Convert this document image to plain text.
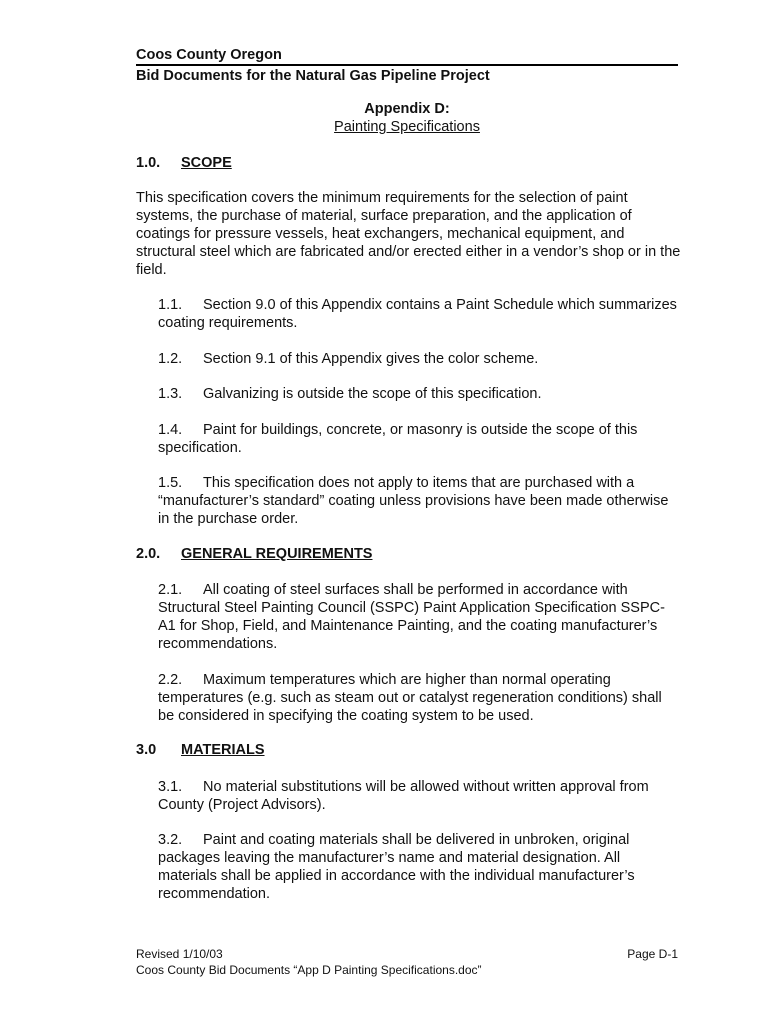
Coos County Oregon
Bid Documents for the Natural Gas Pipeline Project
Appendix D:
Painting Specifications
1.0. SCOPE
This specification covers the minimum requirements for the selection of paint systems, the purchase of material, surface preparation, and the application of coatings for pressure vessels, heat exchangers, mechanical equipment, and structural steel which are fabricated and/or erected either in a vendor’s shop or in the field.
1.1. Section 9.0 of this Appendix contains a Paint Schedule which summarizes coating requirements.
1.2. Section 9.1 of this Appendix gives the color scheme.
1.3. Galvanizing is outside the scope of this specification.
1.4. Paint for buildings, concrete, or masonry is outside the scope of this specification.
1.5. This specification does not apply to items that are purchased with a “manufacturer’s standard” coating unless provisions have been made otherwise in the purchase order.
2.0. GENERAL REQUIREMENTS
2.1. All coating of steel surfaces shall be performed in accordance with Structural Steel Painting Council (SSPC) Paint Application Specification SSPC-A1 for Shop, Field, and Maintenance Painting, and the coating manufacturer’s recommendations.
2.2. Maximum temperatures which are higher than normal operating temperatures (e.g. such as steam out or catalyst regeneration conditions) shall be considered in specifying the coating system to be used.
3.0 MATERIALS
3.1. No material substitutions will be allowed without written approval from County (Project Advisors).
3.2. Paint and coating materials shall be delivered in unbroken, original packages leaving the manufacturer’s name and material designation. All materials shall be applied in accordance with the individual manufacturer’s recommendation.
Revised 1/10/03	Page D-1
Coos County Bid Documents “App D Painting Specifications.doc”
